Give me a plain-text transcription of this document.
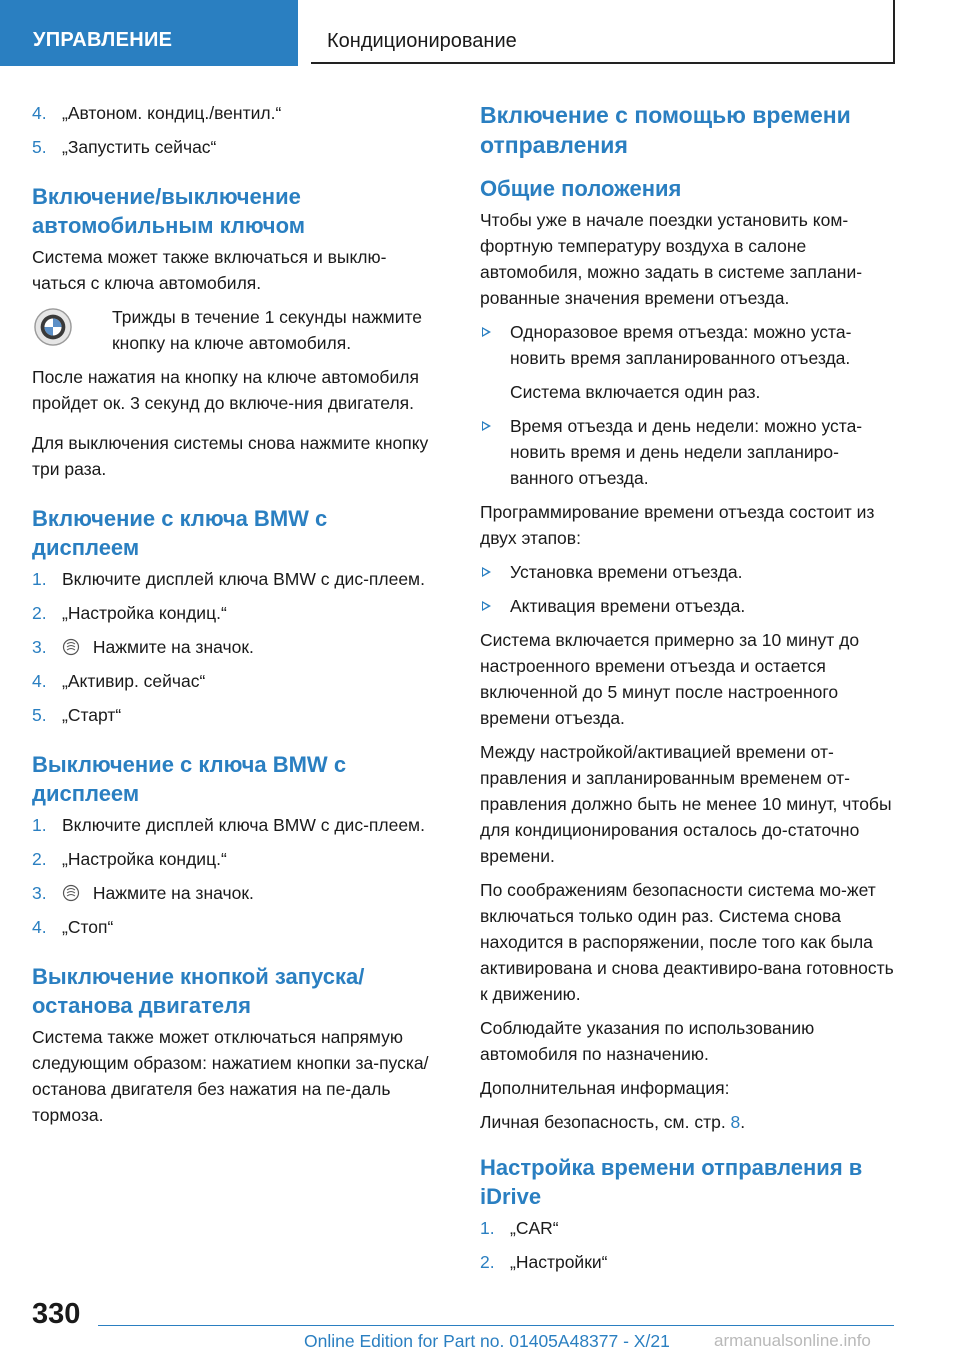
УПРАВЛЕНИЕ	Кондиционирование
4. „Автоном. кондиц./вентил.“
5. „Запустить сейчас“
Включение/выключение автомобильным ключом
Система может также включаться и выклю-чаться с ключа автомобиля.
Трижды в течение 1 секунды нажмите кнопку на ключе автомобиля.
После нажатия на кнопку на ключе автомобиля пройдет ок. 3 секунд до включе-ния двигателя.
Для выключения системы снова нажмите кнопку три раза.
Включение с ключа BMW с дисплеем
1. Включите дисплей ключа BMW с дис-плеем.
2. „Настройка кондиц.“
3.	Нажмите на значок.
4. „Активир. сейчас“
5. „Старт“
Выключение с ключа BMW с дисплеем
1. Включите дисплей ключа BMW с дис-плеем.
2. „Настройка кондиц.“
3.	Нажмите на значок.
4. „Стоп“
Выключение кнопкой запуска/ останова двигателя
Система также может отключаться напрямую следующим образом: нажатием кнопки за-пуска/останова двигателя без нажатия на пе-даль тормоза.
Включение с помощью времени отправления
Общие положения
Чтобы уже в начале поездки установить ком-фортную температуру воздуха в салоне автомобиля, можно задать в системе заплани-рованные значения времени отъезда.
Одноразовое время отъезда: можно уста-новить время запланированного отъезда.
Система включается один раз.
Время отъезда и день недели: можно уста-новить время и день недели запланиро-ванного отъезда.
Программирование времени отъезда состоит из двух этапов:
Установка времени отъезда.
Активация времени отъезда.
Система включается примерно за 10 минут до настроенного времени отъезда и остается включенной до 5 минут после настроенного времени отъезда.
Между настройкой/активацией времени от-правления и запланированным временем от-правления должно быть не менее 10 минут, чтобы для кондиционирования осталось до-статочно времени.
По соображениям безопасности система мо-жет включаться только один раз. Система снова находится в распоряжении, после того как была активирована и снова деактивиро-вана готовность к движению.
Соблюдайте указания по использованию автомобиля по назначению.
Дополнительная информация:
Личная безопасность, см. стр. 8.
Настройка времени отправления в iDrive
1. „CAR“
2. „Настройки“
330
Online Edition for Part no. 01405A48377 - X/21	armanualsonline.info
